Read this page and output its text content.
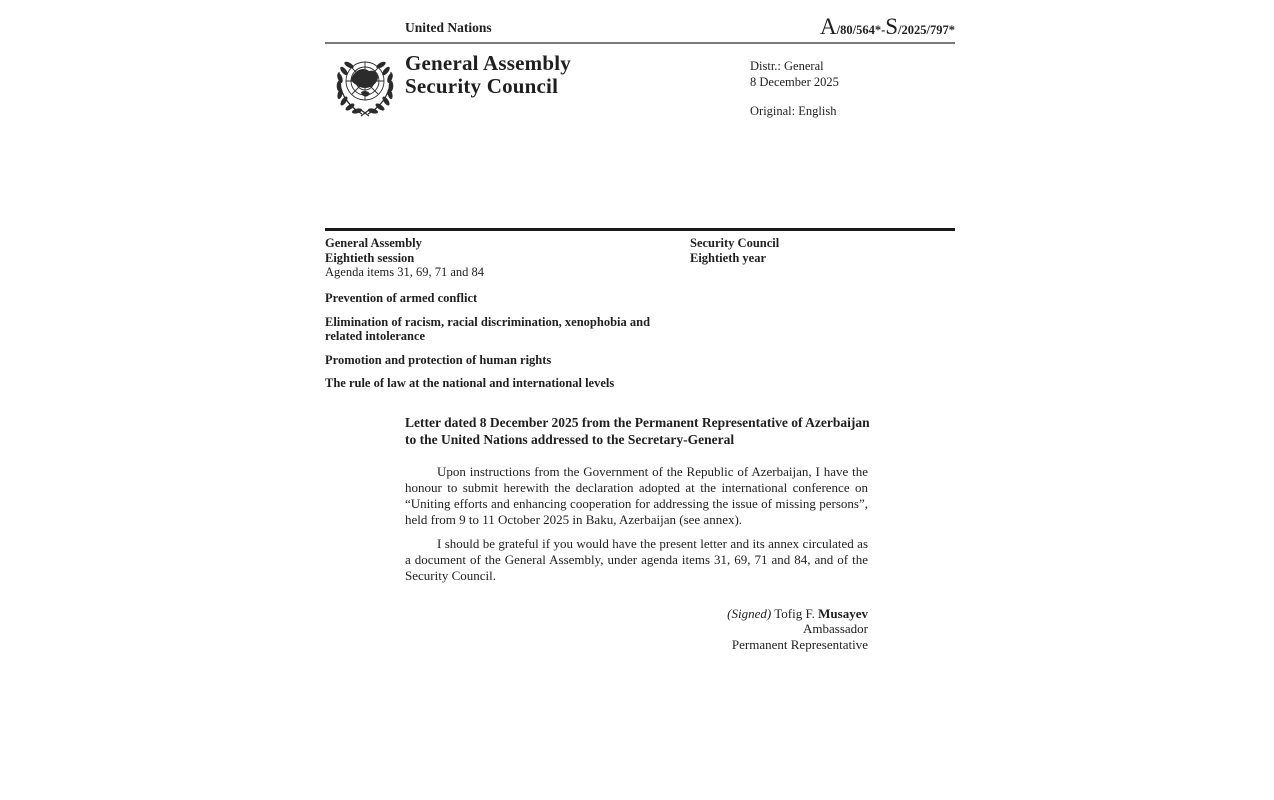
United Nations	A/80/564*-S/2025/797*
General Assembly
Security Council
Distr.: General
8 December 2025
Original: English
General Assembly
Eightieth session
Agenda items 31, 69, 71 and 84
Security Council
Eightieth year
Prevention of armed conflict
Elimination of racism, racial discrimination, xenophobia and related intolerance
Promotion and protection of human rights
The rule of law at the national and international levels
Letter dated 8 December 2025 from the Permanent Representative of Azerbaijan to the United Nations addressed to the Secretary-General

Upon instructions from the Government of the Republic of Azerbaijan, I have the honour to submit herewith the declaration adopted at the international conference on “Uniting efforts and enhancing cooperation for addressing the issue of missing persons”, held from 9 to 11 October 2025 in Baku, Azerbaijan (see annex).

I should be grateful if you would have the present letter and its annex circulated as a document of the General Assembly, under agenda items 31, 69, 71 and 84, and of the Security Council.

(Signed) Tofig F. Musayev
Ambassador
Permanent Representative
